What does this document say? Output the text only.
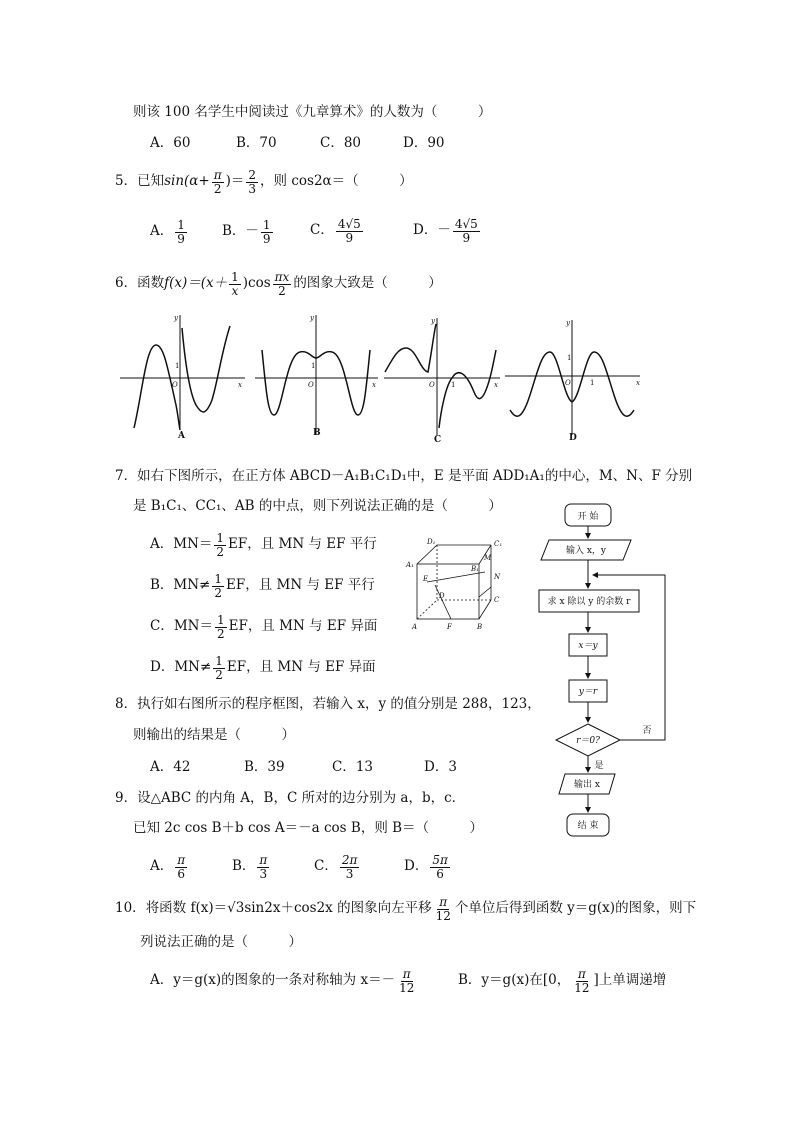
则该 100 名学生中阅读过《九章算术》的人数为（　　　）
A．60	B．70	C．80	D．90
5． 已知 $\sin(\alpha+ \frac{\pi}{2}$ )＝ $\frac{2}{3}$ ，则 cos2α＝（　　　）
A． $\frac{1}{9}$	B．－ $\frac{1}{9}$	C． $\frac{4√5}{9}$	D．－ $\frac{4√5}{9}$
6． 函数 $f(x)=(x+ \frac{1}{x} )\cos \frac{\pi x}{2}$ 的图象大致是（　　　）
y
x
O
1
y
x
O
1
y
x
O 1
y
x
O
1
1
A	B
C	D
7．如右下图所示，在正方体 ABCD－A₁B₁C₁D₁中，E 是平面 ADD₁A₁的中心，M、N、F 分别
是 B₁C₁、CC₁、AB 的中点，则下列说法正确的是（　　　）
A．$MN= \frac{1}{2}$ EF，且 MN 与 EF 平行
B．$MN\ne \frac{1}{2}$ EF，且 MN 与 EF 平行
C．$MN= \frac{1}{2}$ EF，且 MN 与 EF 异面
D．$MN\ne \frac{1}{2}$ EF，且 MN 与 EF 异面
D₁	C₁
A₁	B₁
M
N
E
D	C
A	F	B
8．执行如右图所示的程序框图，若输入 x，y 的值分别是 288，123，
则输出的结果是（　　　）
A．42	B．39	C．13	D．3
开 始
输入 x，y
求 x 除以 y 的余数 r
x＝y
y＝r
r＝0?
否
是
输出 x
结 束
9．设△ABC 的内角 A，B，C 所对的边分别为 a，b，c．
已知 2c cos B＋b cos A＝－a cos B，则 B＝（　　　）
A． $\frac{\pi}{6}$	B． $\frac{\pi}{3}$	C． $\frac{2\pi}{3}$	D． $\frac{5\pi}{6}$
10． 将函数 f(x)＝√3sin2x＋cos2x 的图象向左平移 $\frac{\pi}{12}$ 个单位后得到函数 y＝g(x)的图象，则下
列说法正确的是（　　　）
A．y＝g(x)的图象的一条对称轴为 $x=- \frac{\pi}{12}$	B．y＝g(x)在[0， $\frac{\pi}{12}$ ]上单调递增
